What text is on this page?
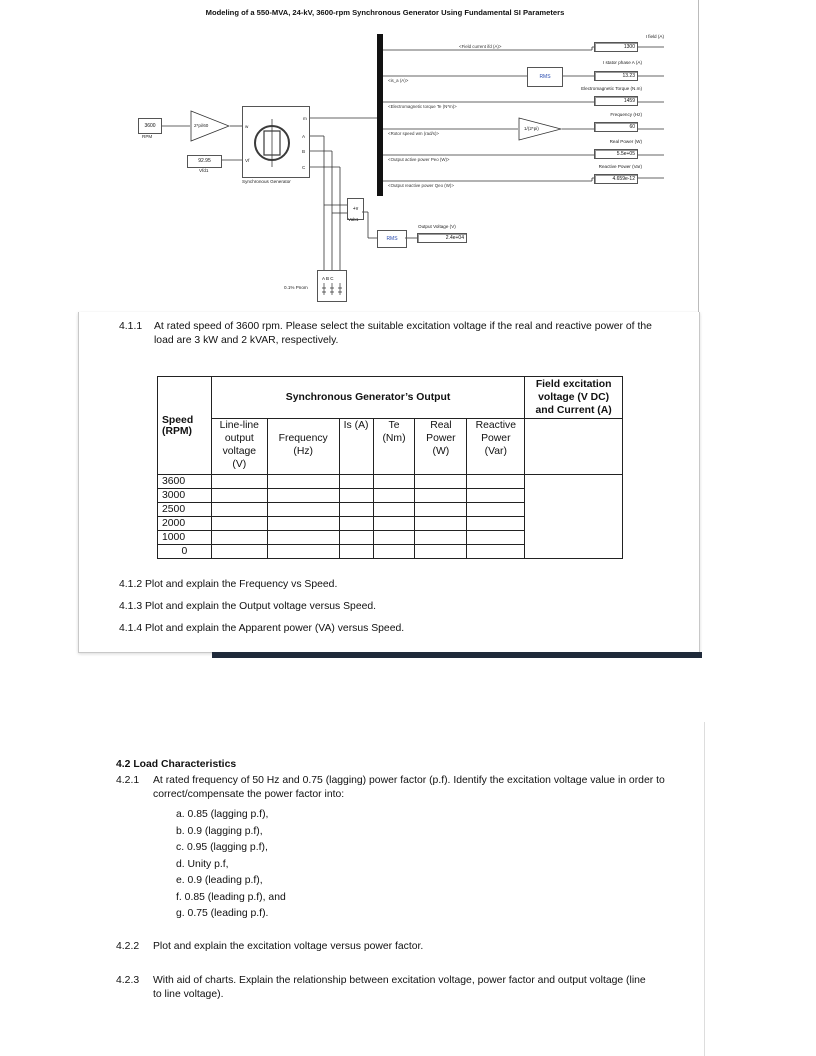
Modeling of a 550-MVA, 24-kV, 3600-rpm Synchronous Generator Using Fundamental SI Parameters
3600
RPM
2*pi/60
92.95
Vfd1
w
Vf
m
A
B
C
Synchronous Generator
<Field current ifd (A)>
<is_a (A)>
<Electromagnetic torque Te (N*m)>
<Rotor speed wm (rad/s)>
<Output active power Peo (W)>
<Output reactive power Qeo (W)>
RMS
1/(2*pi)
I field (A)
1300
I stator phase A (A)
13.23
Electromagnetic Torque (N.m)
1459
Frequency (Hz)
60
Real Power (W)
5.5e+05
Reactive Power (Var)
4.659e-12
+v
Vab1
RMS
Output Voltage (V)
2.4e+04
A B C
0.1% Pnom
4.1.1	At rated speed of 3600 rpm. Please select the suitable excitation voltage if the real and reactive power of the load are 3 kW and 2 kVAR, respectively.
Speed (RPM)	Synchronous Generator’s Output						Field excitation voltage (V DC) and Current (A)
	Line-line output voltage (V)	Frequency (Hz)	Is (A)	Te (Nm)	Real Power (W)	Reactive Power (Var)	
3600							
3000							
2500							
2000							
1000							
0							
4.1.2 Plot and explain the Frequency vs Speed.
4.1.3 Plot and explain the Output voltage versus Speed.
4.1.4 Plot and explain the Apparent power (VA) versus Speed.
4.2 Load Characteristics
4.2.1 At rated frequency of 50 Hz and 0.75 (lagging) power factor (p.f). Identify the excitation voltage value in order to correct/compensate the power factor into:
a. 0.85 (lagging p.f),
b. 0.9 (lagging p.f),
c. 0.95 (lagging p.f),
d. Unity p.f,
e. 0.9 (leading p.f),
f. 0.85 (leading p.f), and
g. 0.75 (leading p.f).
4.2.2 Plot and explain the excitation voltage versus power factor.
4.2.3 With aid of charts. Explain the relationship between excitation voltage, power factor and output voltage (line to line voltage).
